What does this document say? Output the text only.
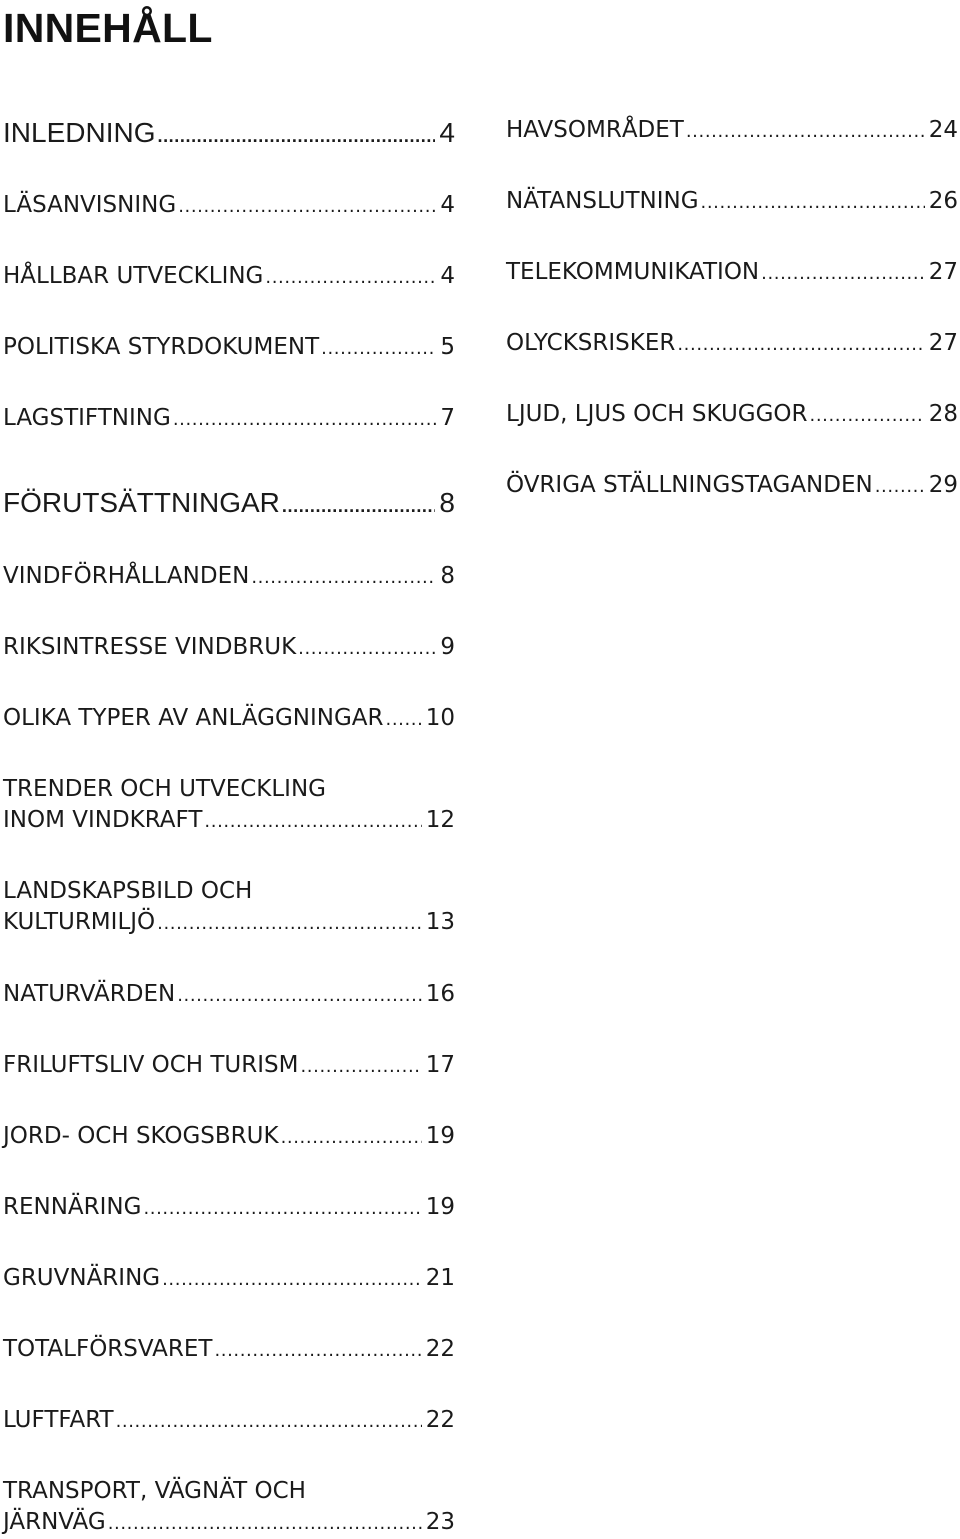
INNEHÅLL
INLEDNING .....	4
LÄSANVISNING .....	4
HÅLLBAR UTVECKLING .....	4
POLITISKA STYRDOKUMENT .....	5
LAGSTIFTNING .....	7
FÖRUTSÄTTNINGAR .....	8
VINDFÖRHÅLLANDEN .....	8
RIKSINTRESSE VINDBRUK .....	9
OLIKA TYPER AV ANLÄGGNINGAR ..... 10
TRENDER OCH UTVECKLING
INOM VINDKRAFT .....	12
LANDSKAPSBILD OCH
KULTURMILJÖ .....	13
NATURVÄRDEN .....	16
FRILUFTSLIV OCH TURISM .....	17
JORD- OCH SKOGSBRUK .....	19
RENNÄRING .....	19
GRUVNÄRING .....	21
TOTALFÖRSVARET .....	22
LUFTFART .....	22
TRANSPORT, VÄGNÄT OCH
JÄRNVÄG .....	23
HAVSOMRÅDET .....	24
NÄTANSLUTNING .....	26
TELEKOMMUNIKATION .....	27
OLYCKSRISKER .....	27
LJUD, LJUS OCH SKUGGOR .....	28
ÖVRIGA STÄLLNINGSTAGANDEN ..... 29
